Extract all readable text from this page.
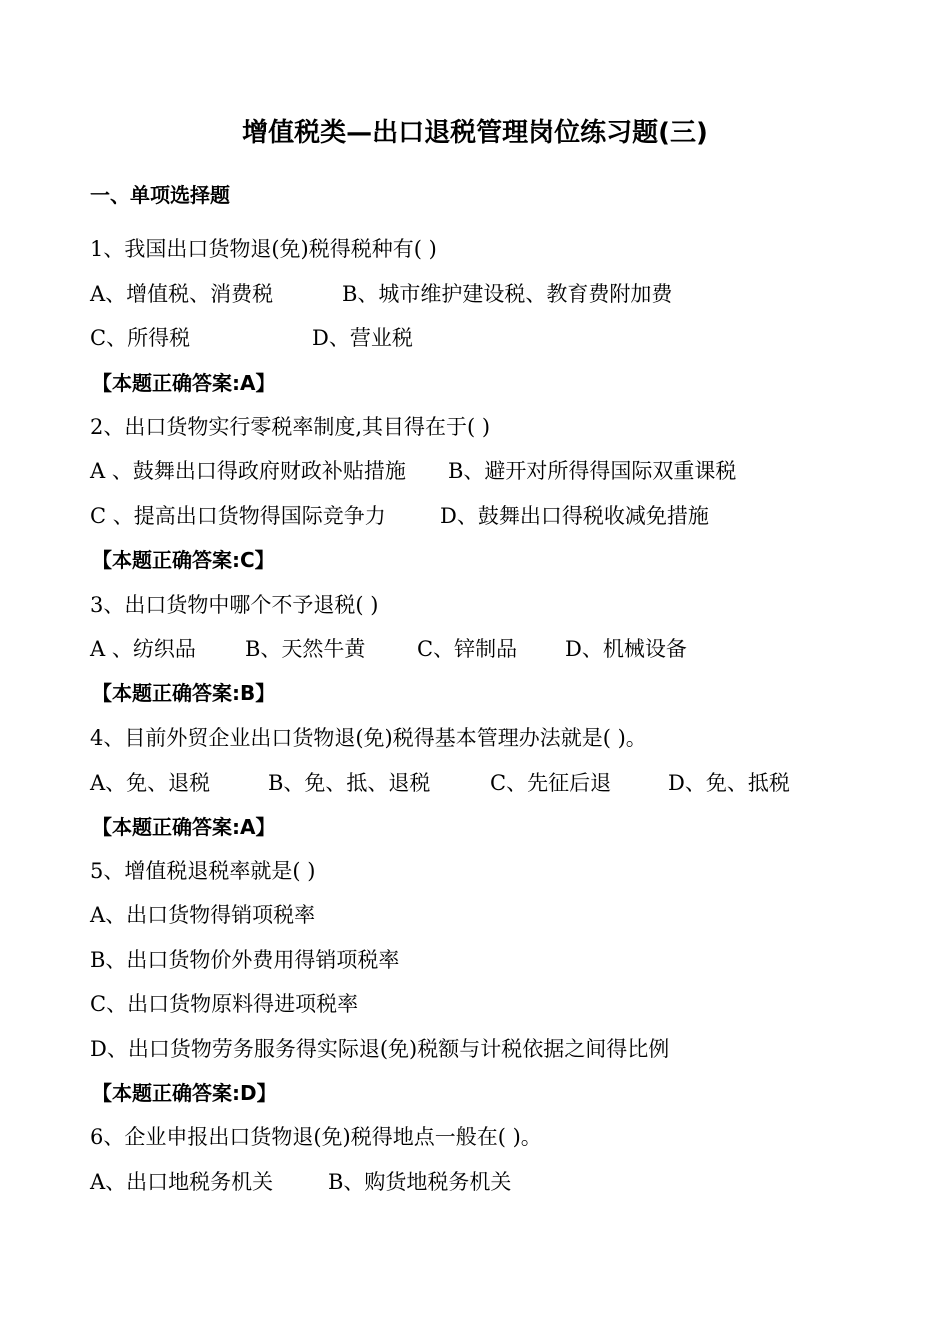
增值税类—出口退税管理岗位练习题(三)
一、单项选择题
1、我国出口货物退(免)税得税种有( )
A、增值税、消费税	B、城市维护建设税、教育费附加费
C、所得税	D、营业税
【本题正确答案:A】
2、出口货物实行零税率制度,其目得在于( )
A 、鼓舞出口得政府财政补贴措施 B、避开对所得得国际双重课税
C 、提高出口货物得国际竞争力	D、鼓舞出口得税收减免措施
【本题正确答案:C】
3、出口货物中哪个不予退税( )
A 、纺织品 B、天然牛黄 C、锌制品 D、机械设备
【本题正确答案:B】
4、目前外贸企业出口货物退(免)税得基本管理办法就是( )。
A、免、退税	B、免、抵、退税	C、先征后退	D、免、抵税
【本题正确答案:A】
5、增值税退税率就是( )
A、出口货物得销项税率
B、出口货物价外费用得销项税率
C、出口货物原料得进项税率
D、出口货物劳务服务得实际退(免)税额与计税依据之间得比例
【本题正确答案:D】
6、企业申报出口货物退(免)税得地点一般在( )。
A、出口地税务机关	B、购货地税务机关
